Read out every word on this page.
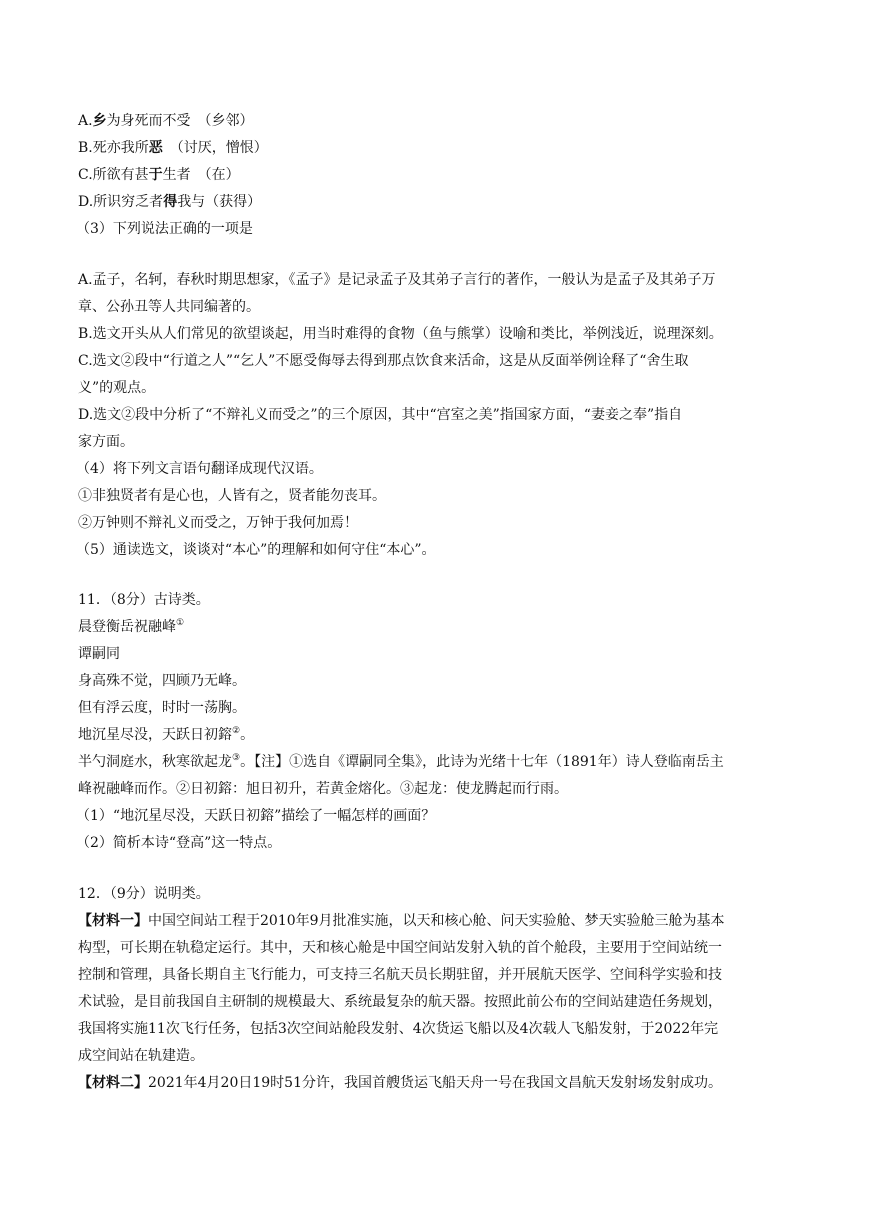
A.乡为身死而不受　（乡邻）
B.死亦我所恶　（讨厌，憎恨）
C.所欲有甚于生者　（在）
D.所识穷乏者得我与（获得）
（3）下列说法正确的一项是
A.孟子，名轲，春秋时期思想家，《孟子》是记录孟子及其弟子言行的著作，一般认为是孟子及其弟子万
章、公孙丑等人共同编著的。
B.选文开头从人们常见的欲望谈起，用当时难得的食物（鱼与熊掌）设喻和类比，举例浅近，说理深刻。
C.选文②段中“行道之人”“乞人”不愿受侮辱去得到那点饮食来活命，这是从反面举例诠释了“舍生取
义”的观点。
D.选文②段中分析了“不辩礼义而受之”的三个原因，其中“宫室之美”指国家方面，“妻妾之奉”指自
家方面。
（4）将下列文言语句翻译成现代汉语。
①非独贤者有是心也，人皆有之，贤者能勿丧耳。
②万钟则不辩礼义而受之，万钟于我何加焉！
（5）通读选文，谈谈对“本心”的理解和如何守住“本心”。
11．（8分）古诗类。
晨登衡岳祝融峰①
谭嗣同
身高殊不觉，四顾乃无峰。
但有浮云度，时时一荡胸。
地沉星尽没，天跃日初鎔②。
半勺洞庭水，秋寒欲起龙③。【注】①选自《谭嗣同全集》，此诗为光绪十七年（1891年）诗人登临南岳主
峰祝融峰而作。②日初鎔：旭日初升，若黄金熔化。③起龙：使龙腾起而行雨。
（1）“地沉星尽没，天跃日初鎔”描绘了一幅怎样的画面？
（2）简析本诗“登高”这一特点。
12．（9分）说明类。
【材料一】中国空间站工程于2010年9月批准实施，以天和核心舱、问天实验舱、梦天实验舱三舱为基本
构型，可长期在轨稳定运行。其中，天和核心舱是中国空间站发射入轨的首个舱段，主要用于空间站统一
控制和管理，具备长期自主飞行能力，可支持三名航天员长期驻留，并开展航天医学、空间科学实验和技
术试验，是目前我国自主研制的规模最大、系统最复杂的航天器。按照此前公布的空间站建造任务规划，
我国将实施11次飞行任务，包括3次空间站舱段发射、4次货运飞船以及4次载人飞船发射，于2022年完
成空间站在轨建造。
【材料二】2021年4月20日19时51分许，我国首艘货运飞船天舟一号在我国文昌航天发射场发射成功。
